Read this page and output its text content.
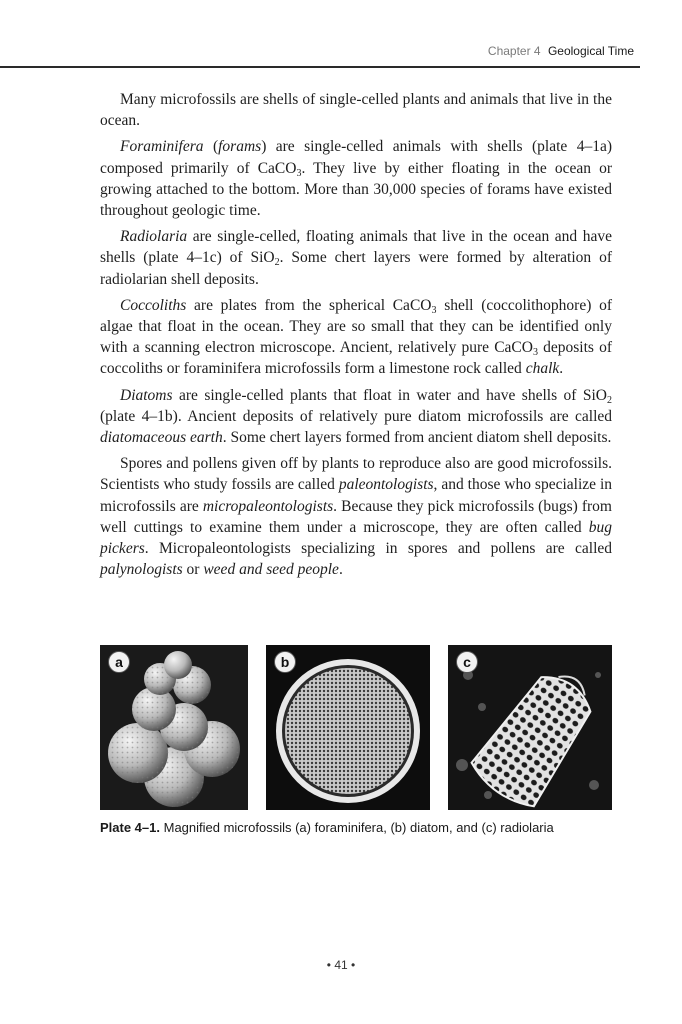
Chapter 4 Geological Time

Many microfossils are shells of single-celled plants and animals that live in the ocean.

Foraminifera (forams) are single-celled animals with shells (plate 4–1a) composed primarily of CaCO$_3$. They live by either floating in the ocean or growing attached to the bottom. More than 30,000 species of forams have existed throughout geologic time.

Radiolaria are single-celled, floating animals that live in the ocean and have shells (plate 4–1c) of SiO$_2$. Some chert layers were formed by alteration of radiolarian shell deposits.

Coccoliths are plates from the spherical CaCO$_3$ shell (coccolithophore) of algae that float in the ocean. They are so small that they can be identified only with a scanning electron microscope. Ancient, relatively pure CaCO$_3$ deposits of coccoliths or foraminifera microfossils form a limestone rock called chalk.

Diatoms are single-celled plants that float in water and have shells of SiO$_2$ (plate 4–1b). Ancient deposits of relatively pure diatom microfossils are called diatomaceous earth. Some chert layers formed from ancient diatom shell deposits.

Spores and pollens given off by plants to reproduce also are good microfossils. Scientists who study fossils are called paleontologists, and those who specialize in microfossils are micropaleontologists. Because they pick microfossils (bugs) from well cuttings to examine them under a microscope, they are often called bug pickers. Micropaleontologists specializing in spores and pollens are called palynologists or weed and seed people.

a	b	c
Plate 4–1. Magnified microfossils (a) foraminifera, (b) diatom, and (c) radiolaria
• 41 •
